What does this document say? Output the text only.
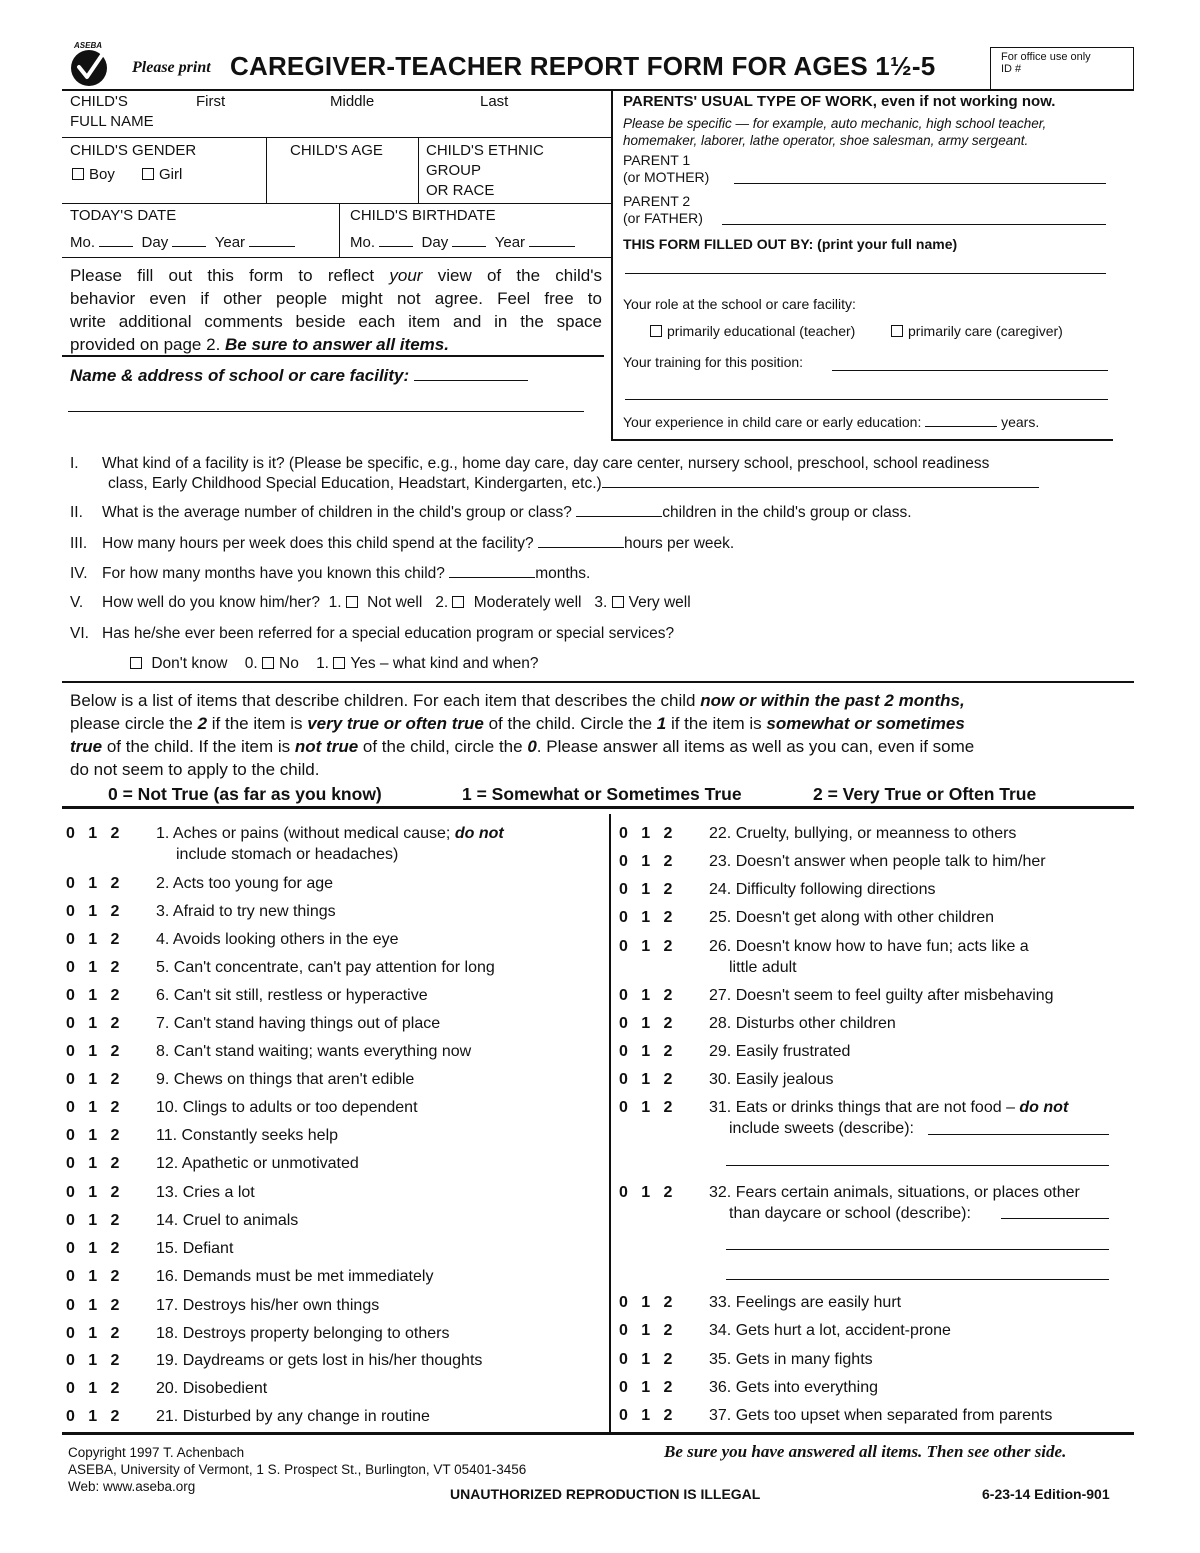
ASEBA
Please print CAREGIVER-TEACHER REPORT FORM FOR AGES 1½-5	For office use only
ID #
CHILD'S
FULL NAME
First	Middle	Last
CHILD'S GENDER
Boy	Girl
CHILD'S AGE	CHILD'S ETHNIC
GROUP
OR RACE
TODAY'S DATE
Mo.	Day	Year
CHILD'S BIRTHDATE
Mo.	Day	Year
Please fill out this form to reflect your view of the child's
behavior even if other people might not agree. Feel free to
write additional comments beside each item and in the space
provided on page 2. Be sure to answer all items.
Name & address of school or care facility:
PARENTS' USUAL TYPE OF WORK, even if not working now.
Please be specific — for example, auto mechanic, high school teacher,
homemaker, laborer, lathe operator, shoe salesman, army sergeant.
PARENT 1
(or MOTHER)
PARENT 2
(or FATHER)
THIS FORM FILLED OUT BY: (print your full name)
Your role at the school or care facility:
primarily educational (teacher)	primarily care (caregiver)
Your training for this position:
Your experience in child care or early education:	years.
I. What kind of a facility is it? (Please be specific, e.g., home day care, day care center, nursery school, preschool, school readiness
class, Early Childhood Special Education, Headstart, Kindergarten, etc.)
II. What is the average number of children in the child's group or class?	children in the child's group or class.
III. How many hours per week does this child spend at the facility?	hours per week.
IV. For how many months have you known this child?	months.
V. How well do you know him/her? 1. Not well 2. Moderately well 3. Very well
VI. Has he/she ever been referred for a special education program or special services?
Don't know 0. No 1. Yes – what kind and when?
Below is a list of items that describe children. For each item that describes the child now or within the past 2 months,
please circle the 2 if the item is very true or often true of the child. Circle the 1 if the item is somewhat or sometimes
true of the child. If the item is not true of the child, circle the 0. Please answer all items as well as you can, even if some
do not seem to apply to the child.
0 = Not True (as far as you know)	1 = Somewhat or Sometimes True	2 = Very True or Often True
0   1   2	1. Aches or pains (without medical cause; do not
include stomach or headaches)
0   1   2	2. Acts too young for age
0   1   2	3. Afraid to try new things
0   1   2	4. Avoids looking others in the eye
0   1   2	5. Can't concentrate, can't pay attention for long
0   1   2	6. Can't sit still, restless or hyperactive
0   1   2	7. Can't stand having things out of place
0   1   2	8. Can't stand waiting; wants everything now
0   1   2	9. Chews on things that aren't edible
0   1   2	10. Clings to adults or too dependent
0   1   2	11. Constantly seeks help
0   1   2	12. Apathetic or unmotivated
0   1   2	13. Cries a lot
0   1   2	14. Cruel to animals
0   1   2	15. Defiant
0   1   2	16. Demands must be met immediately
0   1   2	17. Destroys his/her own things
0   1   2	18. Destroys property belonging to others
0   1   2	19. Daydreams or gets lost in his/her thoughts
0   1   2	20. Disobedient
0   1   2	21. Disturbed by any change in routine
0   1   2	22. Cruelty, bullying, or meanness to others
0   1   2	23. Doesn't answer when people talk to him/her
0   1   2	24. Difficulty following directions
0   1   2	25. Doesn't get along with other children
0   1   2	26. Doesn't know how to have fun; acts like a
little adult
0   1   2	27. Doesn't seem to feel guilty after misbehaving
0   1   2	28. Disturbs other children
0   1   2	29. Easily frustrated
0   1   2	30. Easily jealous
0   1   2	31. Eats or drinks things that are not food – do not
include sweets (describe):
0   1   2	32. Fears certain animals, situations, or places other
than daycare or school (describe):
0   1   2	33. Feelings are easily hurt
0   1   2	34. Gets hurt a lot, accident-prone
0   1   2	35. Gets in many fights
0   1   2	36. Gets into everything
0   1   2	37. Gets too upset when separated from parents
Copyright 1997 T. Achenbach
ASEBA, University of Vermont, 1 S. Prospect St., Burlington, VT 05401-3456
Web: www.aseba.org
Be sure you have answered all items. Then see other side.
UNAUTHORIZED REPRODUCTION IS ILLEGAL	6-23-14 Edition-901
